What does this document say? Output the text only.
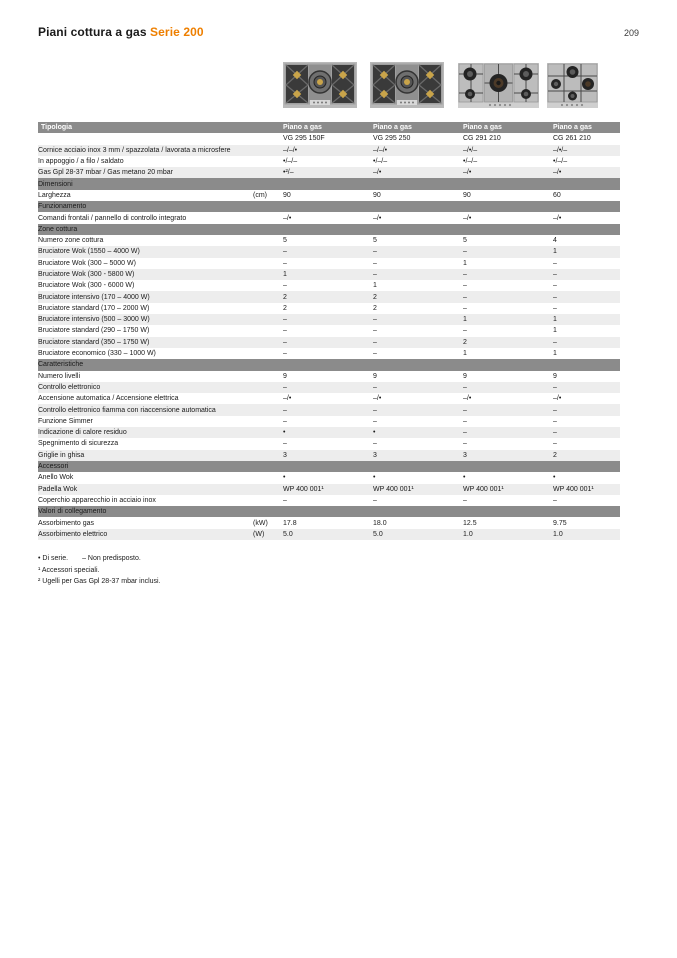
Piani cottura a gas Serie 200	209
Tipologia		Piano a gas	Piano a gas	Piano a gas	Piano a gas
		VG 295 150F	VG 295 250	CG 291 210	CG 261 210
Cornice acciaio inox 3 mm / spazzolata / lavorata a microsfere		–/–/•	–/–/•	–/•/–	–/•/–
In appoggio / a filo / saldato		•/–/–	•/–/–	•/–/–	•/–/–
Gas Gpl 28-37 mbar / Gas metano 20 mbar		•²/–	–/•	–/•	–/•
Dimensioni					
Larghezza	(cm)	90	90	90	60
Funzionamento					
Comandi frontali / pannello di controllo integrato		–/•	–/•	–/•	–/•
Zone cottura					
Numero zone cottura		5	5	5	4
Bruciatore Wok (1550 – 4000 W)		–	–	–	1
Bruciatore Wok (300 – 5000 W)		–	–	1	–
Bruciatore Wok (300 - 5800 W)		1	–	–	–
Bruciatore Wok (300 - 6000 W)		–	1	–	–
Bruciatore intensivo (170 – 4000 W)		2	2	–	–
Bruciatore standard (170 – 2000 W)		2	2	–	–
Bruciatore intensivo (500 – 3000 W)		–	–	1	1
Bruciatore standard (290 – 1750 W)		–	–	–	1
Bruciatore standard (350 – 1750 W)		–	–	2	–
Bruciatore economico (330 – 1000 W)		–	–	1	1
Caratteristiche					
Numero livelli		9	9	9	9
Controllo elettronico		–	–	–	–
Accensione automatica / Accensione elettrica		–/•	–/•	–/•	–/•
Controllo elettronico fiamma con riaccensione automatica		–	–	–	–
Funzione Simmer		–	–	–	–
Indicazione di calore residuo		•	•	–	–
Spegnimento di sicurezza		–	–	–	–
Griglie in ghisa		3	3	3	2
Accessori					
Anello Wok		•	•	•	•
Padella Wok		WP 400 001¹	WP 400 001¹	WP 400 001¹	WP 400 001¹
Coperchio apparecchio in acciaio inox		–	–	–	–
Valori di collegamento					
Assorbimento gas	(kW)	17.8	18.0	12.5	9.75
Assorbimento elettrico	(W)	5.0	5.0	1.0	1.0
• Di serie. – Non predisposto.
¹ Accessori speciali.
² Ugelli per Gas Gpl 28-37 mbar inclusi.
